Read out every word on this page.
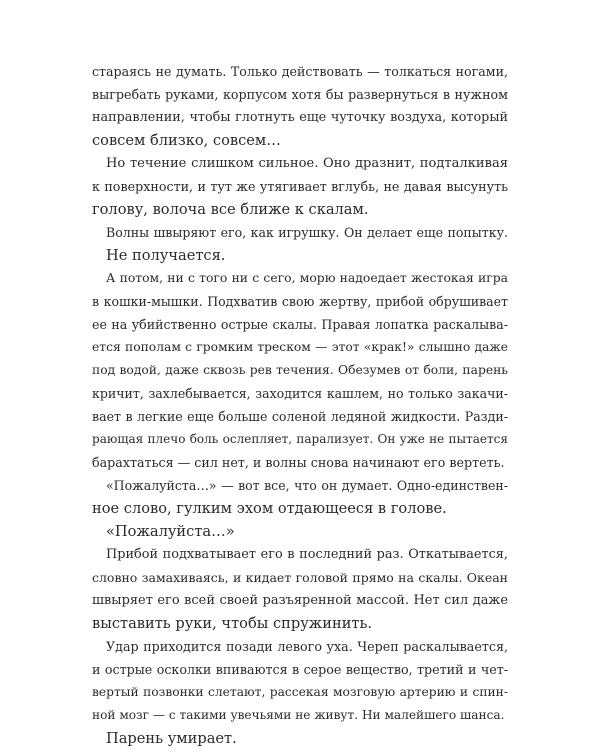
стараясь не думать. Только действовать — толкаться ногами,
выгребать руками, корпусом хотя бы развернуться в нужном
направлении, чтобы глотнуть еще чуточку воздуха, который
совсем близко, совсем…
Но течение слишком сильное. Оно дразнит, подталкивая
к поверхности, и тут же утягивает вглубь, не давая высунуть
голову, волоча все ближе к скалам.
Волны швыряют его, как игрушку. Он делает еще попытку.
Не получается.
А потом, ни с того ни с сего, морю надоедает жестокая игра
в кошки-мышки. Подхватив свою жертву, прибой обрушивает
ее на убийственно острые скалы. Правая лопатка раскалыва-
ется пополам с громким треском — этот «крак!» слышно даже
под водой, даже сквозь рев течения. Обезумев от боли, парень
кричит, захлебывается, заходится кашлем, но только закачи-
вает в легкие еще больше соленой ледяной жидкости. Разди-
рающая плечо боль ослепляет, парализует. Он уже не пытается
барахтаться — сил нет, и волны снова начинают его вертеть.
«Пожалуйста…» — вот все, что он думает. Одно-единствен-
ное слово, гулким эхом отдающееся в голове.
«Пожалуйста…»
Прибой подхватывает его в последний раз. Откатывается,
словно замахиваясь, и кидает головой прямо на скалы. Океан
швыряет его всей своей разъяренной массой. Нет сил даже
выставить руки, чтобы спружинить.
Удар приходится позади левого уха. Череп раскалывается,
и острые осколки впиваются в серое вещество, третий и чет-
вертый позвонки слетают, рассекая мозговую артерию и спин-
ной мозг — с такими увечьями не живут. Ни малейшего шанса.
Парень умирает.
